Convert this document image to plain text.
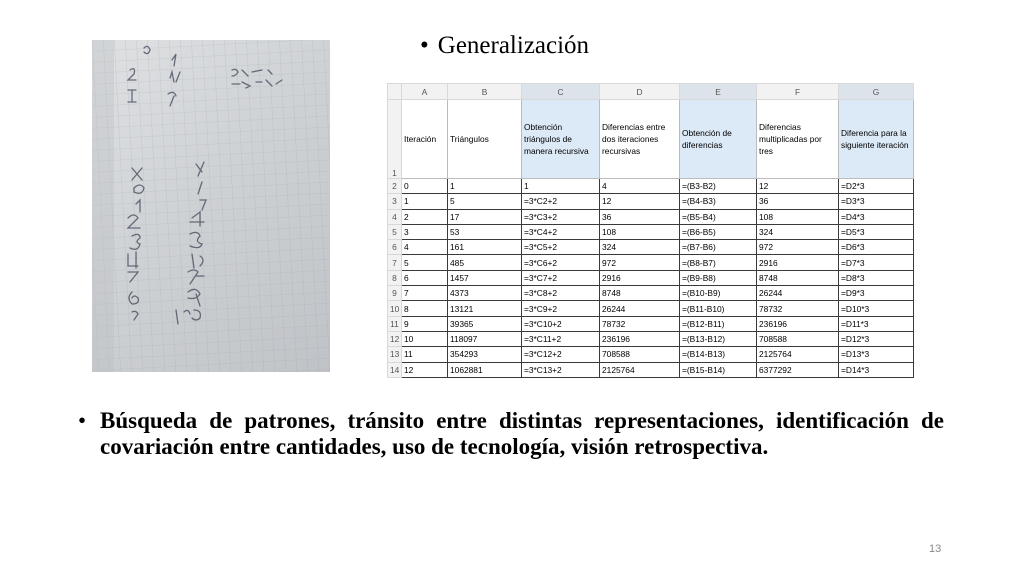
• Generalización
	A	B	C	D	E	F	G
1	Iteración	Triángulos	Obtención triángulos de manera recursiva	Diferencias entre dos iteraciones recursivas	Obtención de diferencias	Diferencias multiplicadas por tres	Diferencia para la siguiente iteración
2	0	1	1	4	=(B3-B2)	12	=D2*3
3	1	5	=3*C2+2	12	=(B4-B3)	36	=D3*3
4	2	17	=3*C3+2	36	=(B5-B4)	108	=D4*3
5	3	53	=3*C4+2	108	=(B6-B5)	324	=D5*3
6	4	161	=3*C5+2	324	=(B7-B6)	972	=D6*3
7	5	485	=3*C6+2	972	=(B8-B7)	2916	=D7*3
8	6	1457	=3*C7+2	2916	=(B9-B8)	8748	=D8*3
9	7	4373	=3*C8+2	8748	=(B10-B9)	26244	=D9*3
10	8	13121	=3*C9+2	26244	=(B11-B10)	78732	=D10*3
11	9	39365	=3*C10+2	78732	=(B12-B11)	236196	=D11*3
12	10	118097	=3*C11+2	236196	=(B13-B12)	708588	=D12*3
13	11	354293	=3*C12+2	708588	=(B14-B13)	2125764	=D13*3
14	12	1062881	=3*C13+2	2125764	=(B15-B14)	6377292	=D14*3
• Búsqueda de patrones, tránsito entre distintas representaciones, identificación de covariación entre cantidades, uso de tecnología, visión retrospectiva.

13
